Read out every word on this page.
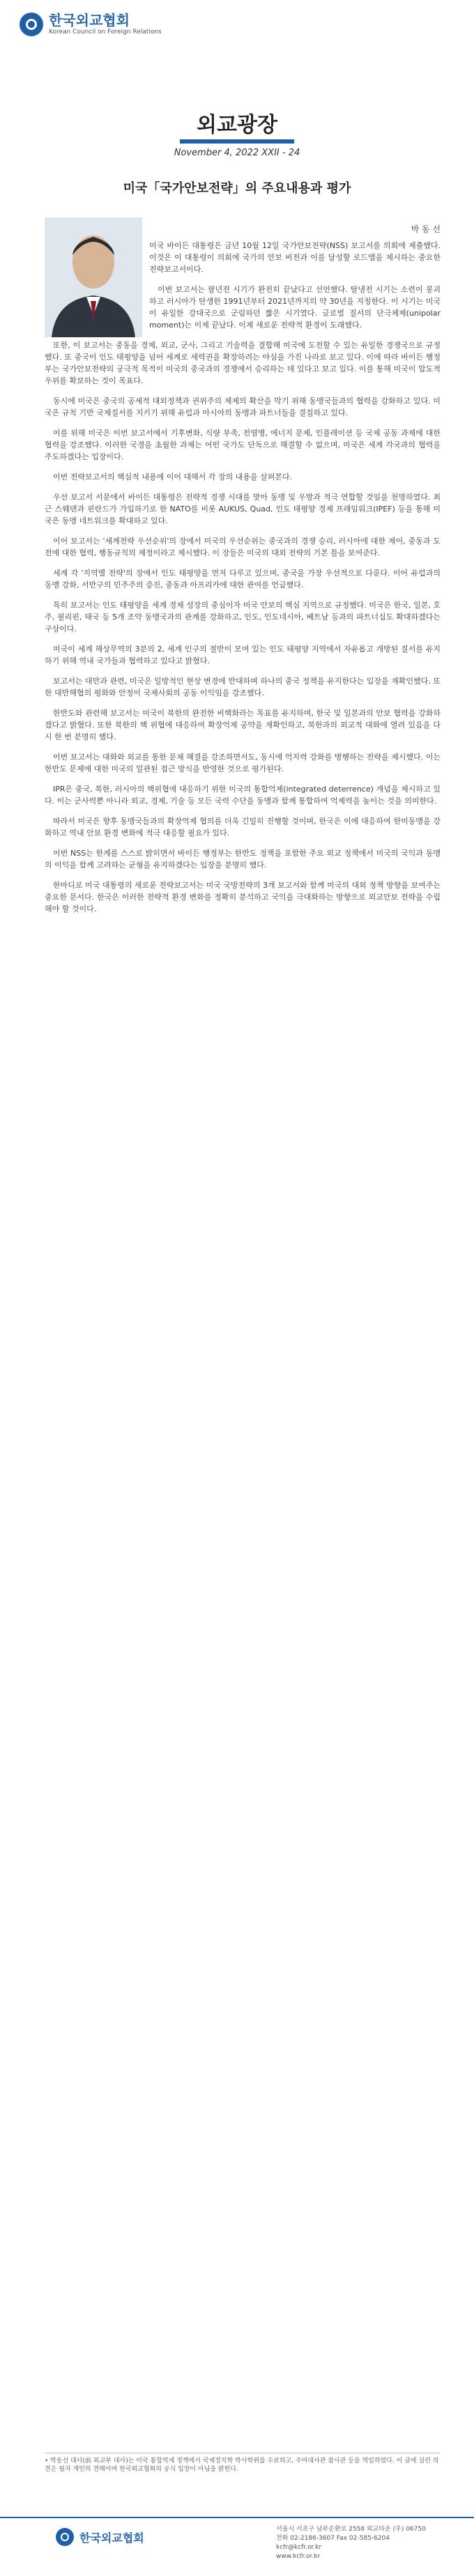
한국외교협회
Korean Council on Foreign Relations
외교광장
November 4, 2022 XXII - 24
미국「국가안보전략」의 주요내용과 평가
박 동 선

미국 바이든 대통령은 금년 10월 12일 국가안보전략(NSS) 보고서를 의회에 제출했다. 이것은 이 대통령이 의회에 국가의 안보 비전과 이를 달성할 로드맵을 제시하는 중요한 전략보고서이다.

이번 보고서는 팔년전 시기가 완전히 끝났다고 선언했다. 탈냉전 시기는 소련이 붕괴하고 러시아가 탄생한 1991년부터 2021년까지의 약 30년을 지칭한다. 이 시기는 미국이 유일한 강대국으로 군림하던 짧은 시기였다. 글로벌 질서의 단극체제(unipolar moment)는 이제 끝났다. 이제 새로운 전략적 환경이 도래했다.

또한, 이 보고서는 중동을 경제, 외교, 군사, 그리고 기술력을 결합해 미국에 도전할 수 있는 유일한 경쟁국으로 규정했다. 또 중국이 인도 태평양을 넘어 세계로 세력권을 확장하려는 야심을 가진 나라로 보고 있다. 이에 따라 바이든 행정부는 국가안보전략의 궁극적 목적이 미국의 중국과의 경쟁에서 승리하는 데 있다고 보고 있다. 이를 통해 미국이 압도적 우위를 확보하는 것이 목표다.

동시에 미국은 중국의 공세적 대외정책과 권위주의 체제의 확산을 막기 위해 동맹국들과의 협력을 강화하고 있다. 미국은 규칙 기반 국제질서를 지키기 위해 유럽과 아시아의 동맹과 파트너들을 결집하고 있다.

이를 위해 미국은 이번 보고서에서 기후변화, 식량 부족, 전염병, 에너지 문제, 인플레이션 등 국제 공동 과제에 대한 협력을 강조했다. 이러한 국경을 초월한 과제는 어떤 국가도 단독으로 해결할 수 없으며, 미국은 세계 각국과의 협력을 주도하겠다는 입장이다.

이번 전략보고서의 핵심적 내용에 이어 대해서 각 장의 내용을 살펴본다.

우선 보고서 서문에서 바이든 대통령은 전략적 경쟁 시대를 맞아 동맹 및 우방과 적극 연합할 것임을 천명하였다. 최근 스웨덴과 핀란드가 가입하기로 한 NATO를 비롯 AUKUS, Quad, 인도 태평양 경제 프레임워크(IPEF) 등을 통해 미국은 동맹 네트워크를 확대하고 있다.

이어 보고서는 '세계전략 우선순위'의 장에서 미국의 우선순위는 중국과의 경쟁 승리, 러시아에 대한 제어, 중동과 도전에 대한 협력, 행동규칙의 제정이라고 제시했다. 이 장들은 미국의 대외 전략의 기본 틀을 보여준다.

세계 각 '지역별 전략'의 장에서 인도 태평양을 먼저 다루고 있으며, 중국을 가장 우선적으로 다룬다. 이어 유럽과의 동맹 강화, 서반구의 민주주의 증진, 중동과 아프리카에 대한 관여를 언급했다.

특히 보고서는 인도 태평양을 세계 경제 성장의 중심이자 미국 안보의 핵심 지역으로 규정했다. 미국은 한국, 일본, 호주, 필리핀, 태국 등 5개 조약 동맹국과의 관계를 강화하고, 인도, 인도네시아, 베트남 등과의 파트너십도 확대하겠다는 구상이다.

미국이 세계 해상무역의 3분의 2, 세계 인구의 절반이 모여 있는 인도 태평양 지역에서 자유롭고 개방된 질서를 유지하기 위해 역내 국가들과 협력하고 있다고 밝혔다.

보고서는 대만과 관련, 미국은 일방적인 현상 변경에 반대하며 하나의 중국 정책을 유지한다는 입장을 재확인했다. 또한 대만해협의 평화와 안정이 국제사회의 공동 이익임을 강조했다.

한반도와 관련해 보고서는 미국이 북한의 완전한 비핵화라는 목표를 유지하며, 한국 및 일본과의 안보 협력을 강화하겠다고 밝혔다. 또한 북한의 핵 위협에 대응하여 확장억제 공약을 재확인하고, 북한과의 외교적 대화에 열려 있음을 다시 한 번 분명히 했다.

이번 보고서는 대화와 외교를 통한 문제 해결을 강조하면서도, 동시에 억지력 강화를 병행하는 전략을 제시했다. 이는 한반도 문제에 대한 미국의 일관된 접근 방식을 반영한 것으로 평가된다.

IPR은 중국, 북한, 러시아의 핵위협에 대응하기 위한 미국의 통합억제(integrated deterrence) 개념을 제시하고 있다. 이는 군사력뿐 아니라 외교, 경제, 기술 등 모든 국력 수단을 동맹과 함께 통합하여 억제력을 높이는 것을 의미한다.

따라서 미국은 향후 동맹국들과의 확장억제 협의를 더욱 긴밀히 진행할 것이며, 한국은 이에 대응하여 한미동맹을 강화하고 역내 안보 환경 변화에 적극 대응할 필요가 있다.

이번 NSS는 한계를 스스로 밝히면서 바이든 행정부는 한반도 정책을 포함한 주요 외교 정책에서 미국의 국익과 동맹의 이익을 함께 고려하는 균형을 유지하겠다는 입장을 분명히 했다.

한마디로 미국 대통령의 새로운 전략보고서는 미국 국방전략의 3개 보고서와 함께 미국의 대외 정책 방향을 보여주는 중요한 문서다. 한국은 이러한 전략적 환경 변화를 정확히 분석하고 국익을 극대화하는 방향으로 외교안보 전략을 수립해야 할 것이다.

• 박동선 대사(前 외교부 대사)는 미국 통합억제 정책에서 국제정치학 박사학위를 수료하고, 주미대사관 참사관 등을 역임하였다. 이 글에 실린 의견은 필자 개인의 견해이며 한국외교협회의 공식 입장이 아님을 밝힌다.
한국외교협회
서울시 서초구 남부순환로 2558 외교타운 (우) 06750
전화 02-2186-3607 Fax 02-585-6204
kcfr@kcfr.or.kr
www.kcfr.or.kr
